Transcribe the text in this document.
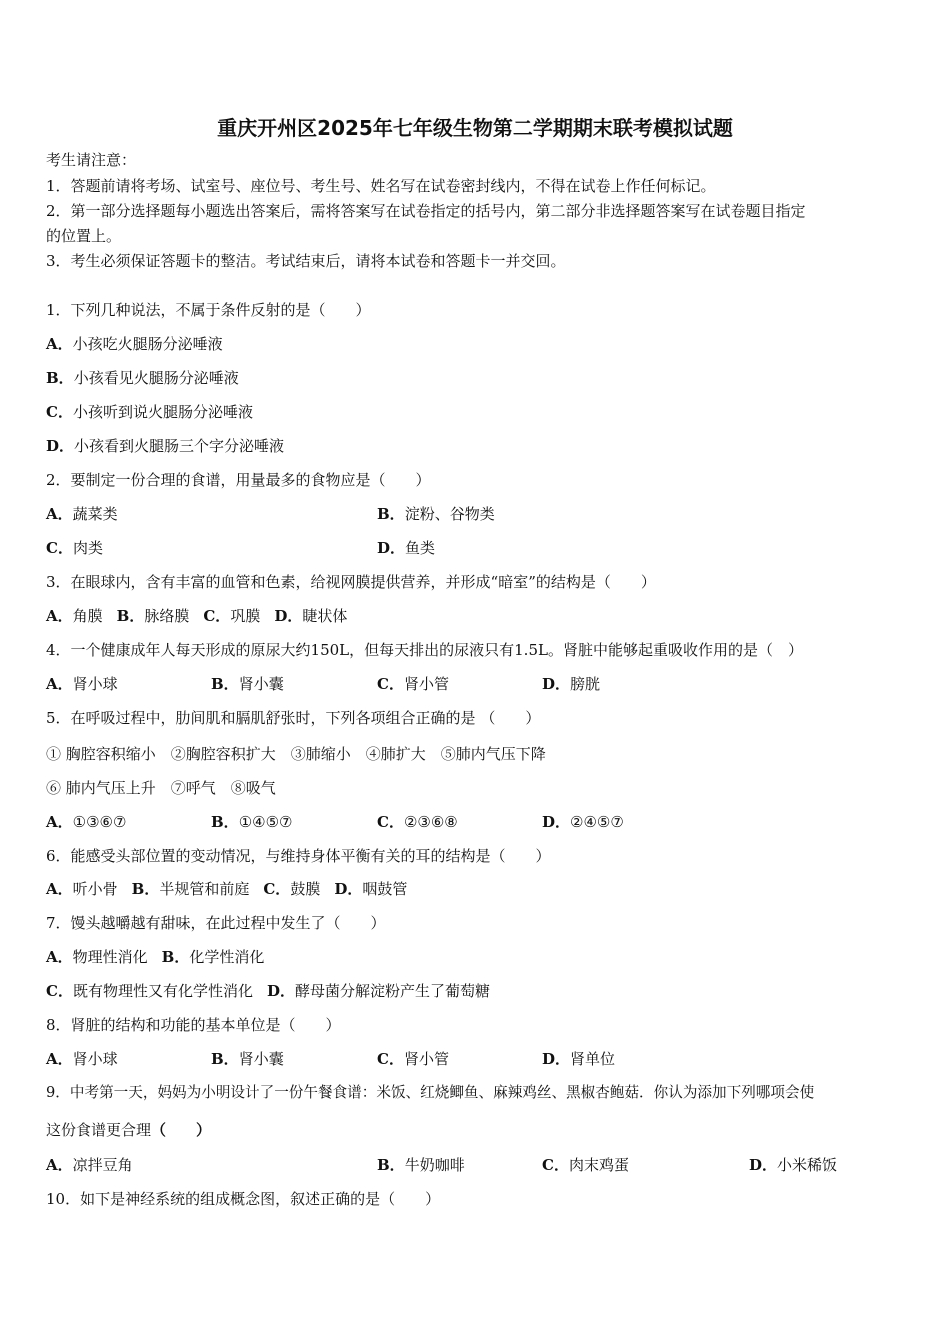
重庆开州区2025年七年级生物第二学期期末联考模拟试题
考生请注意：
1．答题前请将考场、试室号、座位号、考生号、姓名写在试卷密封线内，不得在试卷上作任何标记。
2．第一部分选择题每小题选出答案后，需将答案写在试卷指定的括号内，第二部分非选择题答案写在试卷题目指定
的位置上。
3．考生必须保证答题卡的整洁。考试结束后，请将本试卷和答题卡一并交回。
1．下列几种说法，不属于条件反射的是（　　）
A．小孩吃火腿肠分泌唾液
B．小孩看见火腿肠分泌唾液
C．小孩听到说火腿肠分泌唾液
D．小孩看到火腿肠三个字分泌唾液
2．要制定一份合理的食谱，用量最多的食物应是（　　）
A．蔬菜类	B．淀粉、谷物类
C．肉类	D．鱼类
3．在眼球内，含有丰富的血管和色素，给视网膜提供营养，并形成“暗室”的结构是（　　）
A．角膜 B．脉络膜 C．巩膜 D．睫状体
4．一个健康成年人每天形成的原尿大约150L，但每天排出的尿液只有1.5L。肾脏中能够起重吸收作用的是（　）
A．肾小球	B．肾小囊	C．肾小管	D．膀胱
5．在呼吸过程中，肋间肌和膈肌舒张时，下列各项组合正确的是 （　　）
① 胸腔容积缩小　②胸腔容积扩大　③肺缩小　④肺扩大　⑤肺内气压下降
⑥ 肺内气压上升　⑦呼气　⑧吸气
A．①③⑥⑦	B．①④⑤⑦	C．②③⑥⑧	D．②④⑤⑦
6．能感受头部位置的变动情况，与维持身体平衡有关的耳的结构是（　　）
A．听小骨 B．半规管和前庭 C．鼓膜 D．咽鼓管
7．馒头越嚼越有甜味，在此过程中发生了（　　）
A．物理性消化 B．化学性消化
C．既有物理性又有化学性消化 D．酵母菌分解淀粉产生了葡萄糖
8．肾脏的结构和功能的基本单位是（　　）
A．肾小球	B．肾小囊	C．肾小管	D．肾单位
9．中考第一天，妈妈为小明设计了一份午餐食谱：米饭、红烧鲫鱼、麻辣鸡丝、黑椒杏鲍菇．你认为添加下列哪项会使
这份食谱更合理（　　）
A．凉拌豆角	B．牛奶咖啡	C．肉末鸡蛋	D．小米稀饭
10．如下是神经系统的组成概念图，叙述正确的是（　　）
